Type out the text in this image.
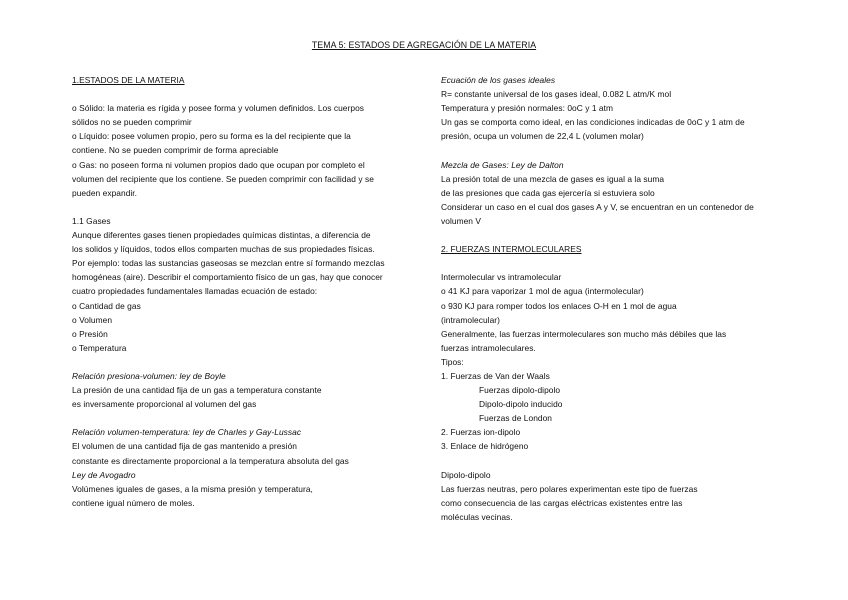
TEMA 5: ESTADOS DE AGREGACIÓN DE LA MATERIA
1.ESTADOS DE LA MATERIA
o Sólido: la materia es rígida y posee forma y volumen definidos. Los cuerpos
sólidos no se pueden comprimir
o Líquido: posee volumen propio, pero su forma es la del recipiente que la
contiene. No se pueden comprimir de forma apreciable
o Gas: no poseen forma ni volumen propios dado que ocupan por completo el
volumen del recipiente que los contiene. Se pueden comprimir con facilidad y se
pueden expandir.
1.1 Gases
Aunque diferentes gases tienen propiedades químicas distintas, a diferencia de
los solidos y líquidos, todos ellos comparten muchas de sus propiedades físicas.
Por ejemplo: todas las sustancias gaseosas se mezclan entre sí formando mezclas
homogéneas (aire). Describir el comportamiento físico de un gas, hay que conocer
cuatro propiedades fundamentales llamadas ecuación de estado:
o Cantidad de gas
o Volumen
o Presión
o Temperatura
Relación presiona-volumen: ley de Boyle
La presión de una cantidad fija de un gas a temperatura constante
es inversamente proporcional al volumen del gas
Relación volumen-temperatura: ley de Charles y Gay-Lussac
El volumen de una cantidad fija de gas mantenido a presión
constante es directamente proporcional a la temperatura absoluta del gas
Ley de Avogadro
Volúmenes iguales de gases, a la misma presión y temperatura,
contiene igual número de moles.
Ecuación de los gases ideales
R= constante universal de los gases ideal, 0.082 L atm/K mol
Temperatura y presión normales: 0oC y 1 atm
Un gas se comporta como ideal, en las condiciones indicadas de 0oC y 1 atm de
presión, ocupa un volumen de 22,4 L (volumen molar)
Mezcla de Gases: Ley de Dalton
La presión total de una mezcla de gases es igual a la suma
de las presiones que cada gas ejercería si estuviera solo
Considerar un caso en el cual dos gases A y V, se encuentran en un contenedor de
volumen V
2. FUERZAS INTERMOLECULARES
Intermolecular vs intramolecular
o 41 KJ para vaporizar 1 mol de agua (intermolecular)
o 930 KJ para romper todos los enlaces O-H en 1 mol de agua
(intramolecular)
Generalmente, las fuerzas intermoleculares son mucho más débiles que las
fuerzas intramoleculares.
Tipos:
1. Fuerzas de Van der Waals
Fuerzas dipolo-dipolo
Dipolo-dipolo inducido
Fuerzas de London
2. Fuerzas ion-dipolo
3. Enlace de hidrógeno
Dipolo-dipolo
Las fuerzas neutras, pero polares experimentan este tipo de fuerzas
como consecuencia de las cargas eléctricas existentes entre las
moléculas vecinas.
